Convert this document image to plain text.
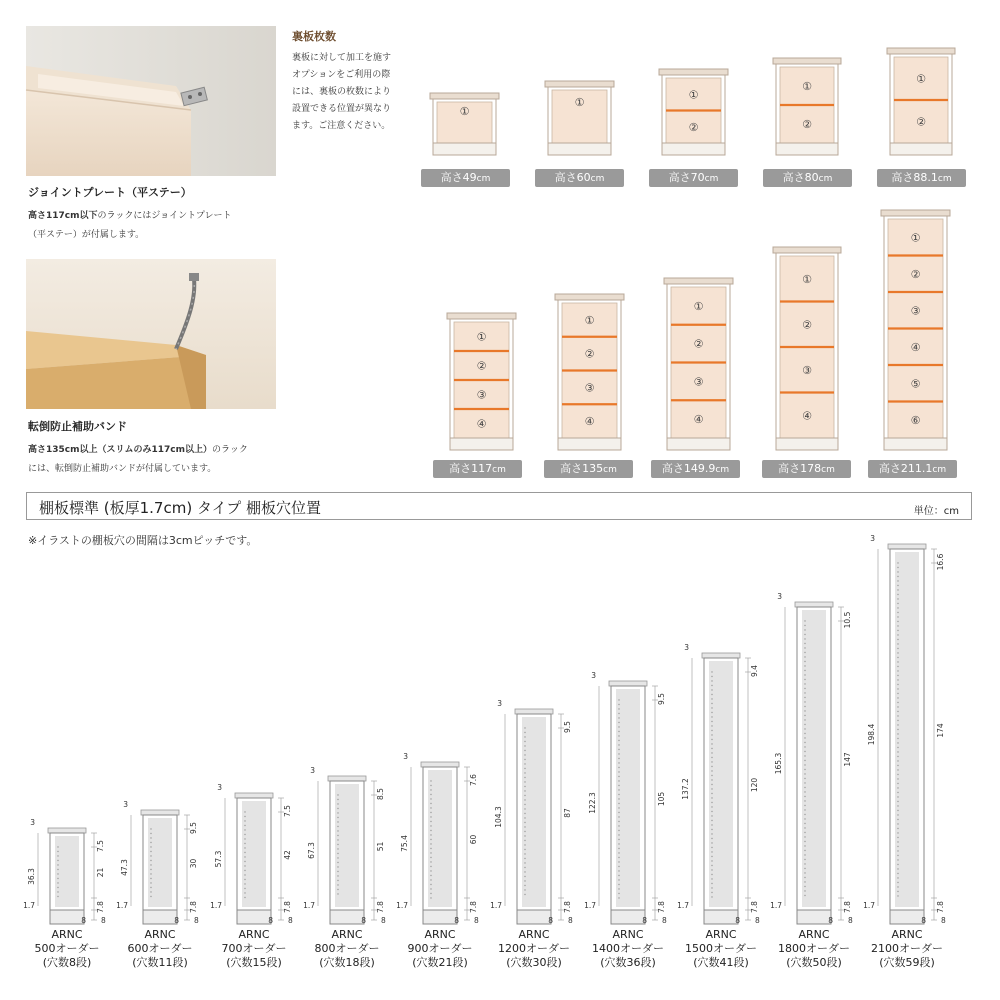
ジョイントプレート（平ステー）
高さ117cm以下のラックにはジョイントプレート
（平ステー）が付属します。
転倒防止補助バンド
高さ135cm以上（スリムのみ117cm以上）のラック
には、転倒防止補助バンドが付属しています。
裏板枚数
裏板に対して加工を施す
オプションをご利用の際
には、裏板の枚数により
設置できる位置が異なり
ます。ご注意ください。
①
高さ49cm
①
高さ60cm
①
②
高さ70cm
①
②
高さ80cm
①
②
高さ88.1cm
①
②
③
④
高さ117cm
①
②
③
④
高さ135cm
①
②
③
④
高さ149.9cm
①
②
③
④
高さ178cm
①
②
③
④
⑤
⑥
高さ211.1cm
棚板標準 (板厚1.7cm) タイプ 棚板穴位置	単位：cm
※イラストの棚板穴の間隔は3cmピッチです。
3
36.3
1.7
7.5
21
7.8
8 8
3
47.3
1.7
9.5
30
7.8
8 8
3
57.3
1.7
7.5
42
7.8
8 8
3
67.3
1.7
8.5
51
7.8
8 8
3
75.4
1.7
7.6
60
7.8
8 8
3
104.3
1.7
9.5
87
7.8
8 8
3
122.3
1.7
9.5
105
7.8
8 8
3
137.2
1.7
9.4
120
7.8
8 8
3
165.3
1.7
10.5
147
7.8
8 8
3
198.4
1.7
16.6
174
7.8
8 8
ARNC
500オーダー
(穴数8段)
ARNC
600オーダー
(穴数11段)
ARNC
700オーダー
(穴数15段)
ARNC
800オーダー
(穴数18段)
ARNC
900オーダー
(穴数21段)
ARNC
1200オーダー
(穴数30段)
ARNC
1400オーダー
(穴数36段)
ARNC
1500オーダー
(穴数41段)
ARNC
1800オーダー
(穴数50段)
ARNC
2100オーダー
(穴数59段)
